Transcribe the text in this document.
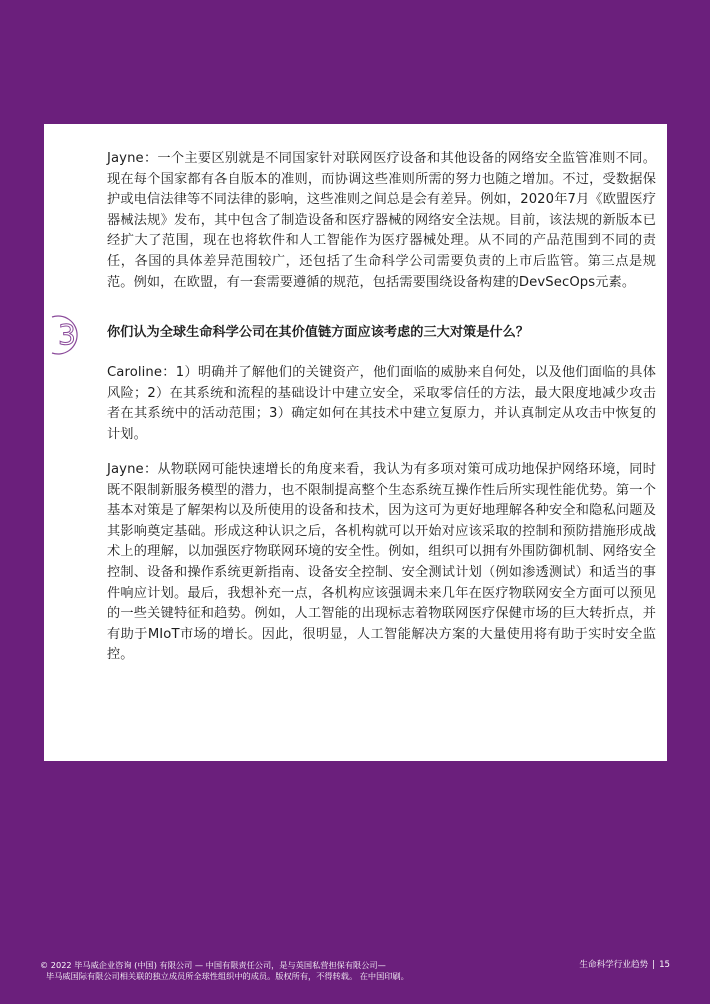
Jayne：一个主要区别就是不同国家针对联网医疗设备和其他设备的网络安全监管准则不同。现在每个国家都有各自版本的准则，而协调这些准则所需的努力也随之增加。不过，受数据保护或电信法律等不同法律的影响，这些准则之间总是会有差异。例如，2020年7月《欧盟医疗器械法规》发布，其中包含了制造设备和医疗器械的网络安全法规。目前，该法规的新版本已经扩大了范围，现在也将软件和人工智能作为医疗器械处理。从不同的产品范围到不同的责任，各国的具体差异范围较广，还包括了生命科学公司需要负责的上市后监管。第三点是规范。例如，在欧盟，有一套需要遵循的规范，包括需要围绕设备构建的DevSecOps元素。

3 你们认为全球生命科学公司在其价值链方面应该考虑的三大对策是什么？

Caroline：1）明确并了解他们的关键资产，他们面临的威胁来自何处，以及他们面临的具体风险；2）在其系统和流程的基础设计中建立安全，采取零信任的方法，最大限度地减少攻击者在其系统中的活动范围；3）确定如何在其技术中建立复原力，并认真制定从攻击中恢复的计划。

Jayne：从物联网可能快速增长的角度来看，我认为有多项对策可成功地保护网络环境，同时既不限制新服务模型的潜力，也不限制提高整个生态系统互操作性后所实现性能优势。第一个基本对策是了解架构以及所使用的设备和技术，因为这可为更好地理解各种安全和隐私问题及其影响奠定基础。形成这种认识之后，各机构就可以开始对应该采取的控制和预防措施形成战术上的理解，以加强医疗物联网环境的安全性。例如，组织可以拥有外围防御机制、网络安全控制、设备和操作系统更新指南、设备安全控制、安全测试计划（例如渗透测试）和适当的事件响应计划。最后，我想补充一点，各机构应该强调未来几年在医疗物联网安全方面可以预见的一些关键特征和趋势。例如，人工智能的出现标志着物联网医疗保健市场的巨大转折点，并有助于MIoT市场的增长。因此，很明显，人工智能解决方案的大量使用将有助于实时安全监控。

© 2022 毕马威企业咨询 (中国) 有限公司 — 中国有限责任公司，是与英国私营担保有限公司—
毕马威国际有限公司相关联的独立成员所全球性组织中的成员。版权所有，不得转载。 在中国印刷。
生命科学行业趋势 | 15
